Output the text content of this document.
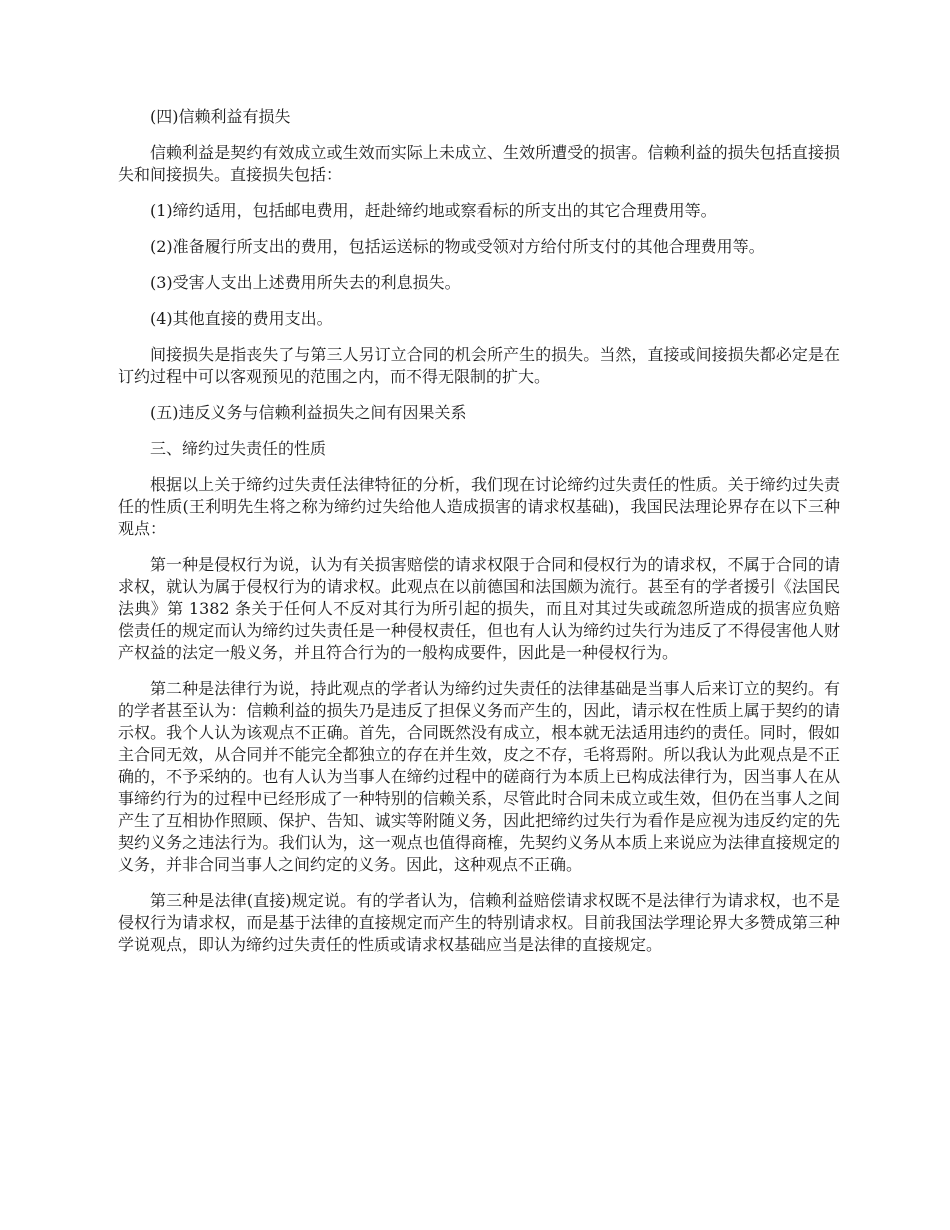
(四)信赖利益有损失

信赖利益是契约有效成立或生效而实际上未成立、生效所遭受的损害。信赖利益的损失包括直接损失和间接损失。直接损失包括：

(1)缔约适用，包括邮电费用，赶赴缔约地或察看标的所支出的其它合理费用等。

(2)准备履行所支出的费用，包括运送标的物或受领对方给付所支付的其他合理费用等。

(3)受害人支出上述费用所失去的利息损失。

(4)其他直接的费用支出。

间接损失是指丧失了与第三人另订立合同的机会所产生的损失。当然，直接或间接损失都必定是在订约过程中可以客观预见的范围之内，而不得无限制的扩大。

(五)违反义务与信赖利益损失之间有因果关系

三、缔约过失责任的性质

根据以上关于缔约过失责任法律特征的分析，我们现在讨论缔约过失责任的性质。关于缔约过失责任的性质(王利明先生将之称为缔约过失给他人造成损害的请求权基础)，我国民法理论界存在以下三种观点：

第一种是侵权行为说，认为有关损害赔偿的请求权限于合同和侵权行为的请求权，不属于合同的请求权，就认为属于侵权行为的请求权。此观点在以前德国和法国颇为流行。甚至有的学者援引《法国民法典》第 1382 条关于任何人不反对其行为所引起的损失，而且对其过失或疏忽所造成的损害应负赔偿责任的规定而认为缔约过失责任是一种侵权责任，但也有人认为缔约过失行为违反了不得侵害他人财产权益的法定一般义务，并且符合行为的一般构成要件，因此是一种侵权行为。

第二种是法律行为说，持此观点的学者认为缔约过失责任的法律基础是当事人后来订立的契约。有的学者甚至认为：信赖利益的损失乃是违反了担保义务而产生的，因此，请示权在性质上属于契约的请示权。我个人认为该观点不正确。首先，合同既然没有成立，根本就无法适用违约的责任。同时，假如主合同无效，从合同并不能完全都独立的存在并生效，皮之不存，毛将焉附。所以我认为此观点是不正确的，不予采纳的。也有人认为当事人在缔约过程中的磋商行为本质上已构成法律行为，因当事人在从事缔约行为的过程中已经形成了一种特别的信赖关系，尽管此时合同未成立或生效，但仍在当事人之间产生了互相协作照顾、保护、告知、诚实等附随义务，因此把缔约过失行为看作是应视为违反约定的先契约义务之违法行为。我们认为，这一观点也值得商榷，先契约义务从本质上来说应为法律直接规定的义务，并非合同当事人之间约定的义务。因此，这种观点不正确。

第三种是法律(直接)规定说。有的学者认为，信赖利益赔偿请求权既不是法律行为请求权，也不是侵权行为请求权，而是基于法律的直接规定而产生的特别请求权。目前我国法学理论界大多赞成第三种学说观点，即认为缔约过失责任的性质或请求权基础应当是法律的直接规定。
